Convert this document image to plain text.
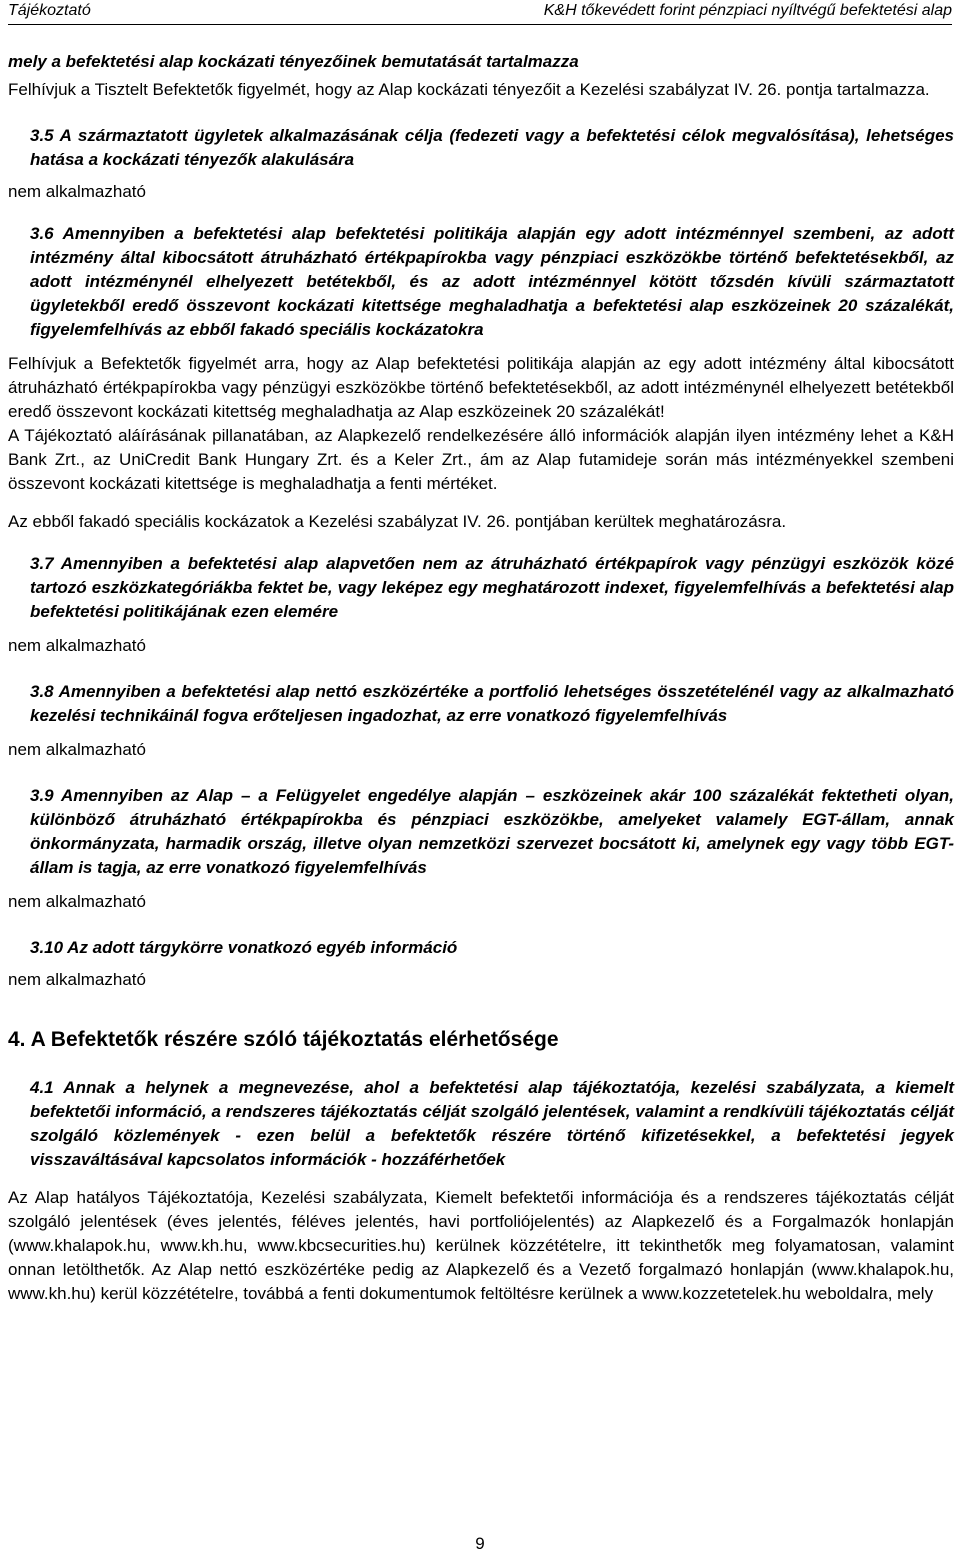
Tájékoztató	K&H tőkevédett forint pénzpiaci nyíltvégű befektetési alap

mely a befektetési alap kockázati tényezőinek bemutatását tartalmazza

Felhívjuk a Tisztelt Befektetők figyelmét, hogy az Alap kockázati tényezőit a Kezelési szabályzat IV. 26. pontja tartalmazza.

3.5 A származtatott ügyletek alkalmazásának célja (fedezeti vagy a befektetési célok megvalósítása), lehetséges hatása a kockázati tényezők alakulására

nem alkalmazható

3.6 Amennyiben a befektetési alap befektetési politikája alapján egy adott intézménnyel szembeni, az adott intézmény által kibocsátott átruházható értékpapírokba vagy pénzpiaci eszközökbe történő befektetésekből, az adott intézménynél elhelyezett betétekből, és az adott intézménnyel kötött tőzsdén kívüli származtatott ügyletekből eredő összevont kockázati kitettsége meghaladhatja a befektetési alap eszközeinek 20 százalékát, figyelemfelhívás az ebből fakadó speciális kockázatokra

Felhívjuk a Befektetők figyelmét arra, hogy az Alap befektetési politikája alapján az egy adott intézmény által kibocsátott átruházható értékpapírokba vagy pénzügyi eszközökbe történő befektetésekből, az adott intézménynél elhelyezett betétekből eredő összevont kockázati kitettség meghaladhatja az Alap eszközeinek 20 százalékát!

A Tájékoztató aláírásának pillanatában, az Alapkezelő rendelkezésére álló információk alapján ilyen intézmény lehet a K&H Bank Zrt., az UniCredit Bank Hungary Zrt. és a Keler Zrt., ám az Alap futamideje során más intézményekkel szembeni összevont kockázati kitettsége is meghaladhatja a fenti mértéket.

Az ebből fakadó speciális kockázatok a Kezelési szabályzat IV. 26. pontjában kerültek meghatározásra.

3.7 Amennyiben a befektetési alap alapvetően nem az átruházható értékpapírok vagy pénzügyi eszközök közé tartozó eszközkategóriákba fektet be, vagy leképez egy meghatározott indexet, figyelemfelhívás a befektetési alap befektetési politikájának ezen elemére

nem alkalmazható

3.8 Amennyiben a befektetési alap nettó eszközértéke a portfolió lehetséges összetételénél vagy az alkalmazható kezelési technikáinál fogva erőteljesen ingadozhat, az erre vonatkozó figyelemfelhívás

nem alkalmazható

3.9 Amennyiben az Alap – a Felügyelet engedélye alapján – eszközeinek akár 100 százalékát fektetheti olyan, különböző átruházható értékpapírokba és pénzpiaci eszközökbe, amelyeket valamely EGT-állam, annak önkormányzata, harmadik ország, illetve olyan nemzetközi szervezet bocsátott ki, amelynek egy vagy több EGT-állam is tagja, az erre vonatkozó figyelemfelhívás

nem alkalmazható

3.10 Az adott tárgykörre vonatkozó egyéb információ

nem alkalmazható

4. A Befektetők részére szóló tájékoztatás elérhetősége

4.1 Annak a helynek a megnevezése, ahol a befektetési alap tájékoztatója, kezelési szabályzata, a kiemelt befektetői információ, a rendszeres tájékoztatás célját szolgáló jelentések, valamint a rendkívüli tájékoztatás célját szolgáló közlemények - ezen belül a befektetők részére történő kifizetésekkel, a befektetési jegyek visszaváltásával kapcsolatos információk - hozzáférhetőek

Az Alap hatályos Tájékoztatója, Kezelési szabályzata, Kiemelt befektetői információja és a rendszeres tájékoztatás célját szolgáló jelentések (éves jelentés, féléves jelentés, havi portfoliójelentés) az Alapkezelő és a Forgalmazók honlapján (www.khalapok.hu, www.kh.hu, www.kbcsecurities.hu) kerülnek közzétételre, itt tekinthetők meg folyamatosan, valamint onnan letölthetők. Az Alap nettó eszközértéke pedig az Alapkezelő és a Vezető forgalmazó honlapján (www.khalapok.hu, www.kh.hu) kerül közzétételre, továbbá a fenti dokumentumok feltöltésre kerülnek a www.kozzetetelek.hu weboldalra, mely

9
